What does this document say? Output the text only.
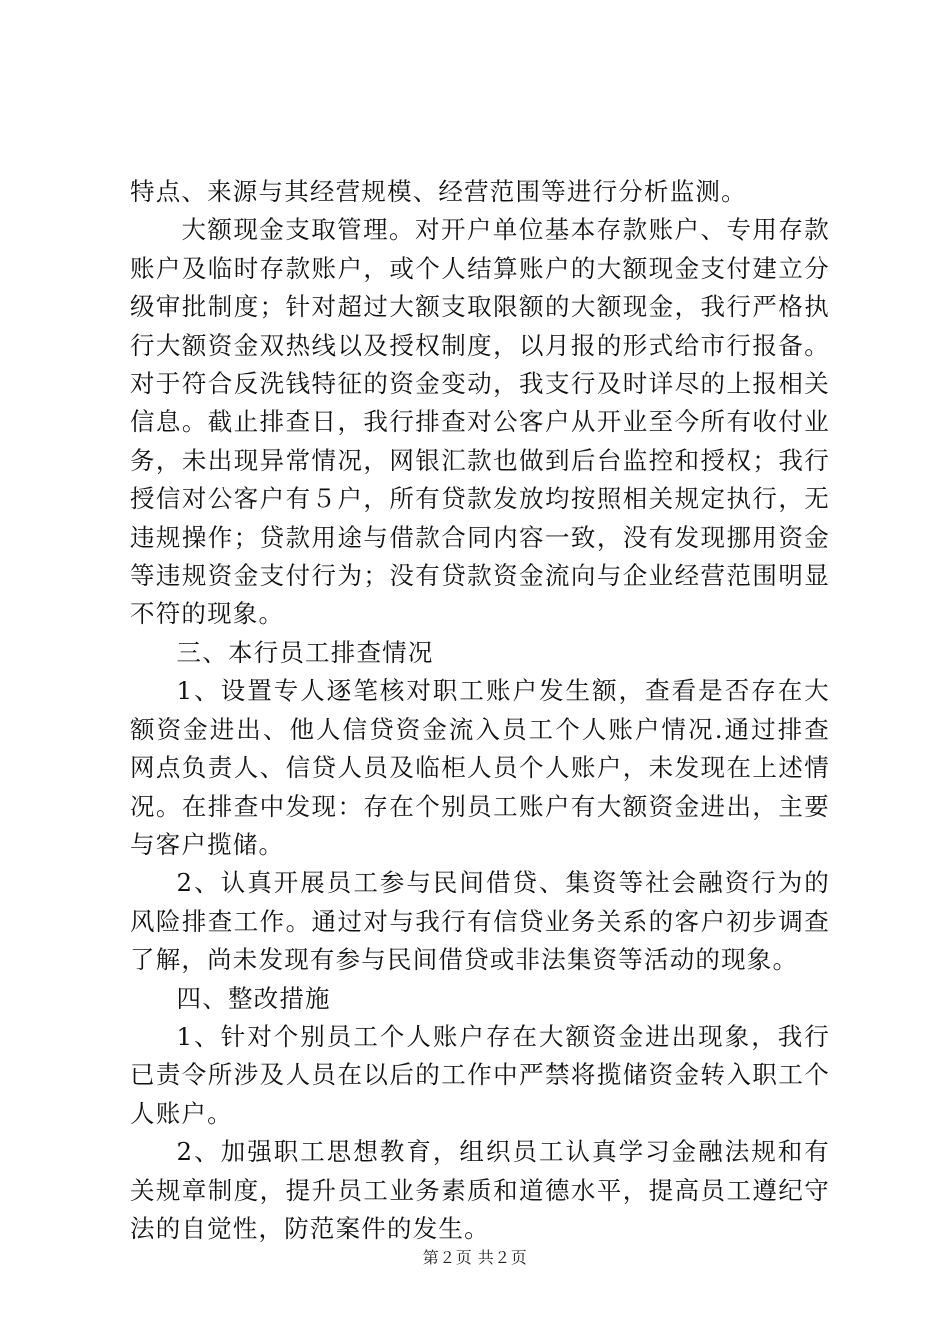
特点、来源与其经营规模、经营范围等进行分析监测。

大额现金支取管理。对开户单位基本存款账户、专用存款账户及临时存款账户，或个人结算账户的大额现金支付建立分级审批制度；针对超过大额支取限额的大额现金，我行严格执行大额资金双热线以及授权制度，以月报的形式给市行报备。对于符合反洗钱特征的资金变动，我支行及时详尽的上报相关信息。截止排查日，我行排查对公客户从开业至今所有收付业务，未出现异常情况，网银汇款也做到后台监控和授权；我行授信对公客户有５户，所有贷款发放均按照相关规定执行，无违规操作；贷款用途与借款合同内容一致，没有发现挪用资金等违规资金支付行为；没有贷款资金流向与企业经营范围明显不符的现象。

三、本行员工排查情况

1、设置专人逐笔核对职工账户发生额，查看是否存在大额资金进出、他人信贷资金流入员工个人账户情况.通过排查网点负责人、信贷人员及临柜人员个人账户，未发现在上述情况。在排查中发现：存在个别员工账户有大额资金进出，主要与客户揽储。

2、认真开展员工参与民间借贷、集资等社会融资行为的风险排查工作。通过对与我行有信贷业务关系的客户初步调查了解，尚未发现有参与民间借贷或非法集资等活动的现象。

四、整改措施

1、针对个别员工个人账户存在大额资金进出现象，我行已责令所涉及人员在以后的工作中严禁将揽储资金转入职工个人账户。

2、加强职工思想教育，组织员工认真学习金融法规和有关规章制度，提升员工业务素质和道德水平，提高员工遵纪守法的自觉性，防范案件的发生。

第２页 共２页
